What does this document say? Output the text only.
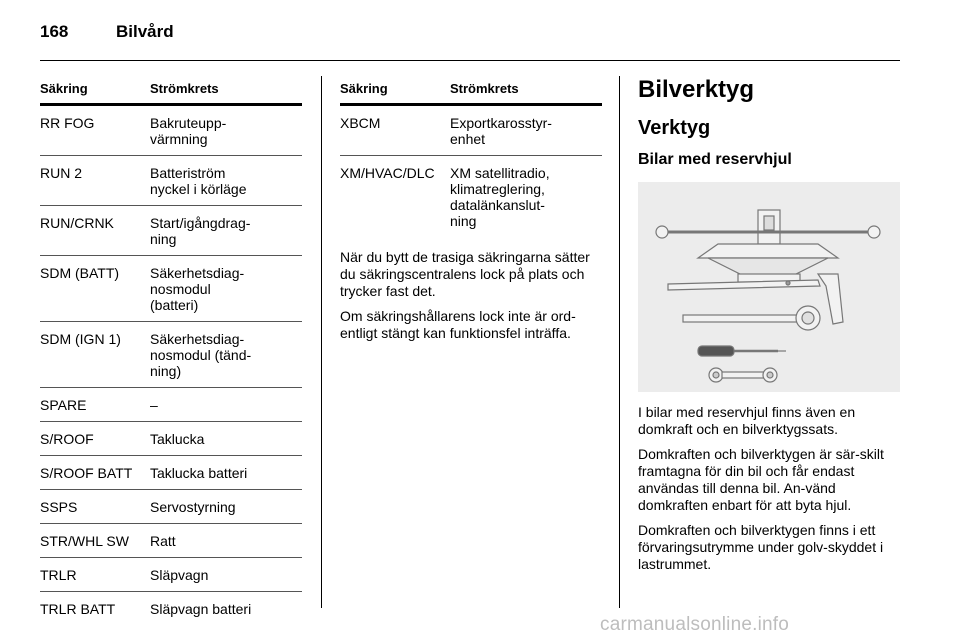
168	Bilvård
Säkring	Strömkrets
RR FOG	Bakruteupp-
värmning
RUN 2	Batteriström
nyckel i körläge
RUN/CRNK	Start/igångdrag-
ning
SDM (BATT)	Säkerhetsdiag-
nosmodul
(batteri)
SDM (IGN 1)	Säkerhetsdiag-
nosmodul (tänd-
ning)
SPARE	–
S/ROOF	Taklucka
S/ROOF BATT	Taklucka batteri
SSPS	Servostyrning
STR/WHL SW	Ratt
TRLR	Släpvagn
TRLR BATT	Släpvagn batteri
Säkring	Strömkrets
XBCM	Exportkarosstyr-
enhet
XM/HVAC/DLC	XM satellitradio,
klimatreglering,
datalänkanslut-
ning

När du bytt de trasiga säkringarna sätter du säkringscentralens lock på plats och trycker fast det.

Om säkringshållarens lock inte är ord-entligt stängt kan funktionsfel inträffa.

Bilverktyg
Verktyg
Bilar med reservhjul

I bilar med reservhjul finns även en domkraft och en bilverktygssats.

Domkraften och bilverktygen är sär-skilt framtagna för din bil och får endast användas till denna bil. An-vänd domkraften enbart för att byta hjul.

Domkraften och bilverktygen finns i ett förvaringsutrymme under golv-skyddet i lastrummet.

carmanualsonline.info
